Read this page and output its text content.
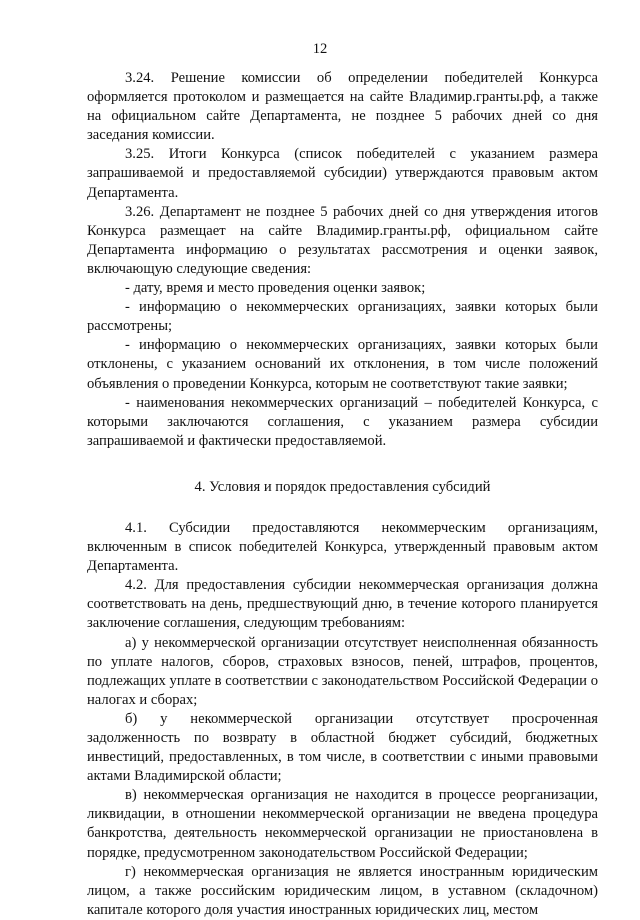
12

3.24. Решение комиссии об определении победителей Конкурса оформляется протоколом и размещается на сайте Владимир.гранты.рф, а также на официальном сайте Департамента, не позднее 5 рабочих дней со дня заседания комиссии.

3.25. Итоги Конкурса (список победителей с указанием размера запрашиваемой и предоставляемой субсидии) утверждаются правовым актом Департамента.

3.26. Департамент не позднее 5 рабочих дней со дня утверждения итогов Конкурса размещает на сайте Владимир.гранты.рф, официальном сайте Департамента информацию о результатах рассмотрения и оценки заявок, включающую следующие сведения:

- дату, время и место проведения оценки заявок;

- информацию о некоммерческих организациях, заявки которых были рассмотрены;

- информацию о некоммерческих организациях, заявки которых были отклонены, с указанием оснований их отклонения, в том числе положений объявления о проведении Конкурса, которым не соответствуют такие заявки;

- наименования некоммерческих организаций – победителей Конкурса, с которыми заключаются соглашения, с указанием размера субсидии запрашиваемой и фактически предоставляемой.

4. Условия и порядок предоставления субсидий

4.1. Субсидии предоставляются некоммерческим организациям, включенным в список победителей Конкурса, утвержденный правовым актом Департамента.

4.2. Для предоставления субсидии некоммерческая организация должна соответствовать на день, предшествующий дню, в течение которого планируется заключение соглашения, следующим требованиям:

а) у некоммерческой организации отсутствует неисполненная обязанность по уплате налогов, сборов, страховых взносов, пеней, штрафов, процентов, подлежащих уплате в соответствии с законодательством Российской Федерации о налогах и сборах;

б) у некоммерческой организации отсутствует просроченная задолженность по возврату в областной бюджет субсидий, бюджетных инвестиций, предоставленных, в том числе, в соответствии с иными правовыми актами Владимирской области;

в) некоммерческая организация не находится в процессе реорганизации, ликвидации, в отношении некоммерческой организации не введена процедура банкротства, деятельность некоммерческой организации не приостановлена в порядке, предусмотренном законодательством Российской Федерации;

г) некоммерческая организация не является иностранным юридическим лицом, а также российским юридическим лицом, в уставном (складочном) капитале которого доля участия иностранных юридических лиц, местом
